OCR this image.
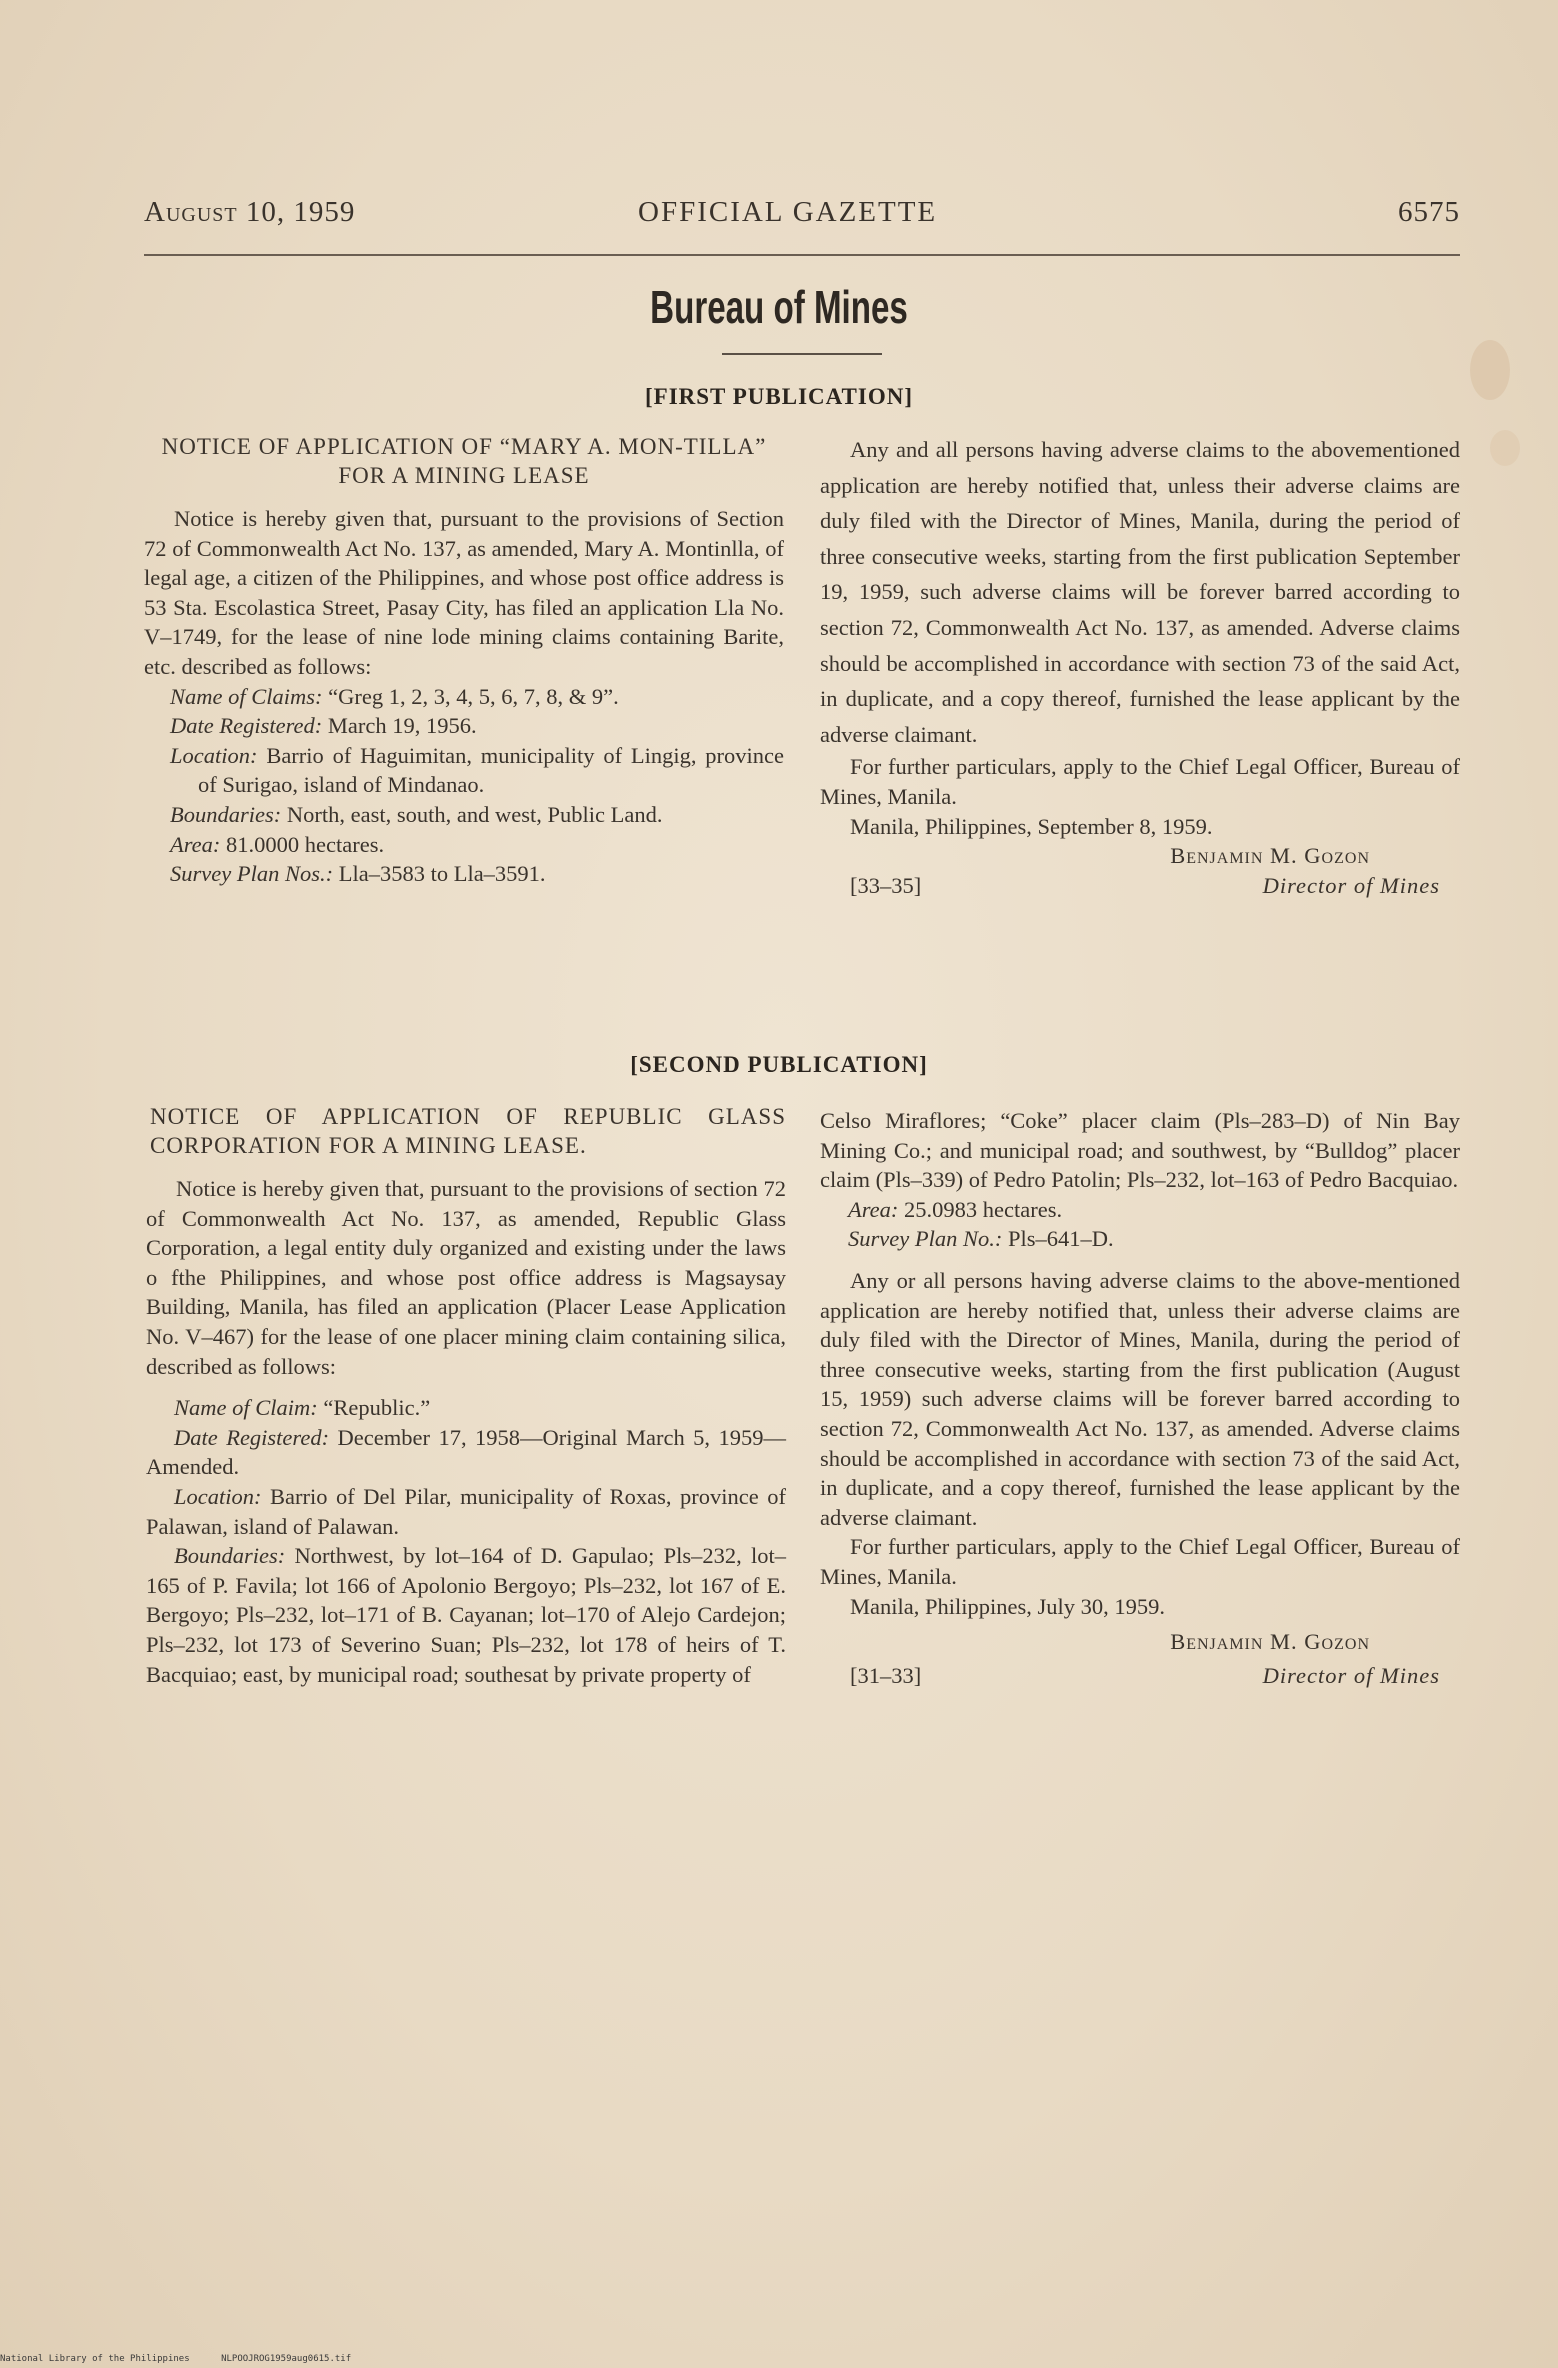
August 10, 1959	OFFICIAL GAZETTE	6575
Bureau of Mines
[FIRST PUBLICATION]

NOTICE OF APPLICATION OF “MARY A. MON-TILLA” FOR A MINING LEASE

Notice is hereby given that, pursuant to the provisions of Section 72 of Commonwealth Act No. 137, as amended, Mary A. Montinlla, of legal age, a citizen of the Philippines, and whose post office address is 53 Sta. Escolastica Street, Pasay City, has filed an application Lla No. V–1749, for the lease of nine lode mining claims containing Barite, etc. described as follows:

Name of Claims: “Greg 1, 2, 3, 4, 5, 6, 7, 8, & 9”.

Date Registered: March 19, 1956.

Location: Barrio of Haguimitan, municipality of Lingig, province of Surigao, island of Mindanao.

Boundaries: North, east, south, and west, Public Land.

Area: 81.0000 hectares.

Survey Plan Nos.: Lla–3583 to Lla–3591.

Any and all persons having adverse claims to the abovementioned application are hereby notified that, unless their adverse claims are duly filed with the Director of Mines, Manila, during the period of three consecutive weeks, starting from the first publication September 19, 1959, such adverse claims will be forever barred according to section 72, Commonwealth Act No. 137, as amended. Adverse claims should be accomplished in accordance with section 73 of the said Act, in duplicate, and a copy thereof, furnished the lease applicant by the adverse claimant.

For further particulars, apply to the Chief Legal Officer, Bureau of Mines, Manila.

Manila, Philippines, September 8, 1959.

Benjamin M. Gozon

[33–35]	Director of Mines
[SECOND PUBLICATION]

NOTICE OF APPLICATION OF REPUBLIC GLASS CORPORATION FOR A MINING LEASE.

Notice is hereby given that, pursuant to the provisions of section 72 of Commonwealth Act No. 137, as amended, Republic Glass Corporation, a legal entity duly organized and existing under the laws o fthe Philippines, and whose post office address is Magsaysay Building, Manila, has filed an application (Placer Lease Application No. V–467) for the lease of one placer mining claim containing silica, described as follows:

Name of Claim: “Republic.”

Date Registered: December 17, 1958—Original March 5, 1959—Amended.

Location: Barrio of Del Pilar, municipality of Roxas, province of Palawan, island of Palawan.

Boundaries: Northwest, by lot–164 of D. Gapulao; Pls–232, lot–165 of P. Favila; lot 166 of Apolonio Bergoyo; Pls–232, lot 167 of E. Bergoyo; Pls–232, lot–171 of B. Cayanan; lot–170 of Alejo Cardejon; Pls–232, lot 173 of Severino Suan; Pls–232, lot 178 of heirs of T. Bacquiao; east, by municipal road; southesat by private property of

Celso Miraflores; “Coke” placer claim (Pls–283–D) of Nin Bay Mining Co.; and municipal road; and southwest, by “Bulldog” placer claim (Pls–339) of Pedro Patolin; Pls–232, lot–163 of Pedro Bacquiao.

Area: 25.0983 hectares.

Survey Plan No.: Pls–641–D.

Any or all persons having adverse claims to the above-mentioned application are hereby notified that, unless their adverse claims are duly filed with the Director of Mines, Manila, during the period of three consecutive weeks, starting from the first publication (August 15, 1959) such adverse claims will be forever barred according to section 72, Commonwealth Act No. 137, as amended. Adverse claims should be accomplished in accordance with section 73 of the said Act, in duplicate, and a copy thereof, furnished the lease applicant by the adverse claimant.

For further particulars, apply to the Chief Legal Officer, Bureau of Mines, Manila.

Manila, Philippines, July 30, 1959.

Benjamin M. Gozon

[31–33]	Director of Mines
National Library of the Philippines	NLPOOJROG1959aug0615.tif
